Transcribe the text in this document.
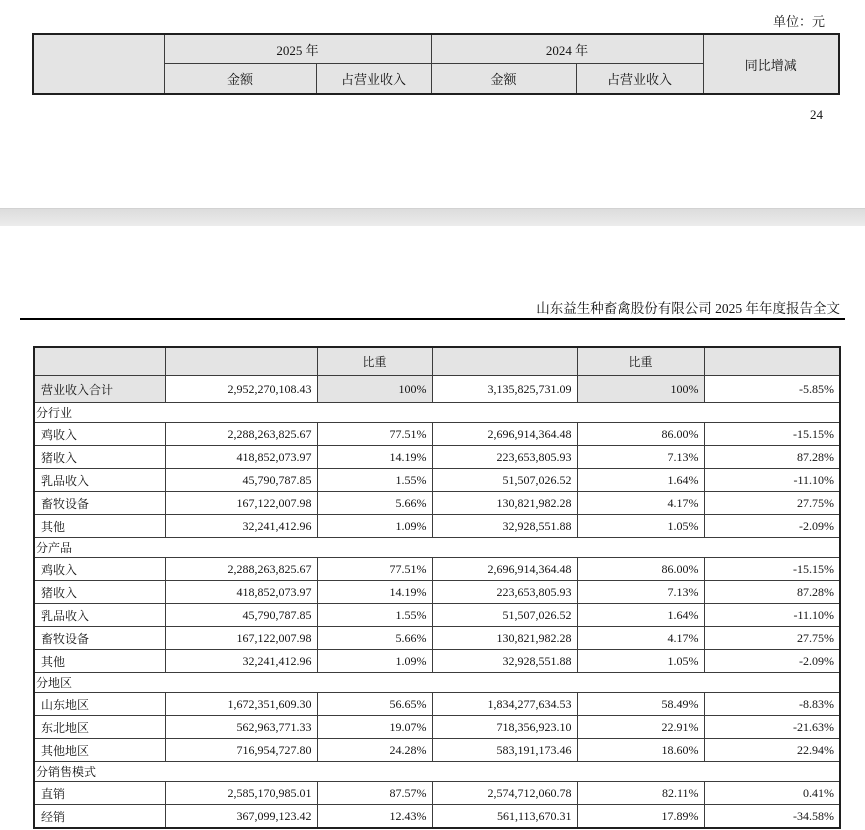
单位：元
	2025 年		2024 年		同比增减
	金额	占营业收入	金额	占营业收入	
24
山东益生种畜禽股份有限公司 2025 年年度报告全文
		比重		比重	
营业收入合计	2,952,270,108.43	100%	3,135,825,731.09	100%	-5.85%
分行业					
鸡收入	2,288,263,825.67	77.51%	2,696,914,364.48	86.00%	-15.15%
猪收入	418,852,073.97	14.19%	223,653,805.93	7.13%	87.28%
乳品收入	45,790,787.85	1.55%	51,507,026.52	1.64%	-11.10%
畜牧设备	167,122,007.98	5.66%	130,821,982.28	4.17%	27.75%
其他	32,241,412.96	1.09%	32,928,551.88	1.05%	-2.09%
分产品					
鸡收入	2,288,263,825.67	77.51%	2,696,914,364.48	86.00%	-15.15%
猪收入	418,852,073.97	14.19%	223,653,805.93	7.13%	87.28%
乳品收入	45,790,787.85	1.55%	51,507,026.52	1.64%	-11.10%
畜牧设备	167,122,007.98	5.66%	130,821,982.28	4.17%	27.75%
其他	32,241,412.96	1.09%	32,928,551.88	1.05%	-2.09%
分地区					
山东地区	1,672,351,609.30	56.65%	1,834,277,634.53	58.49%	-8.83%
东北地区	562,963,771.33	19.07%	718,356,923.10	22.91%	-21.63%
其他地区	716,954,727.80	24.28%	583,191,173.46	18.60%	22.94%
分销售模式					
直销	2,585,170,985.01	87.57%	2,574,712,060.78	82.11%	0.41%
经销	367,099,123.42	12.43%	561,113,670.31	17.89%	-34.58%
